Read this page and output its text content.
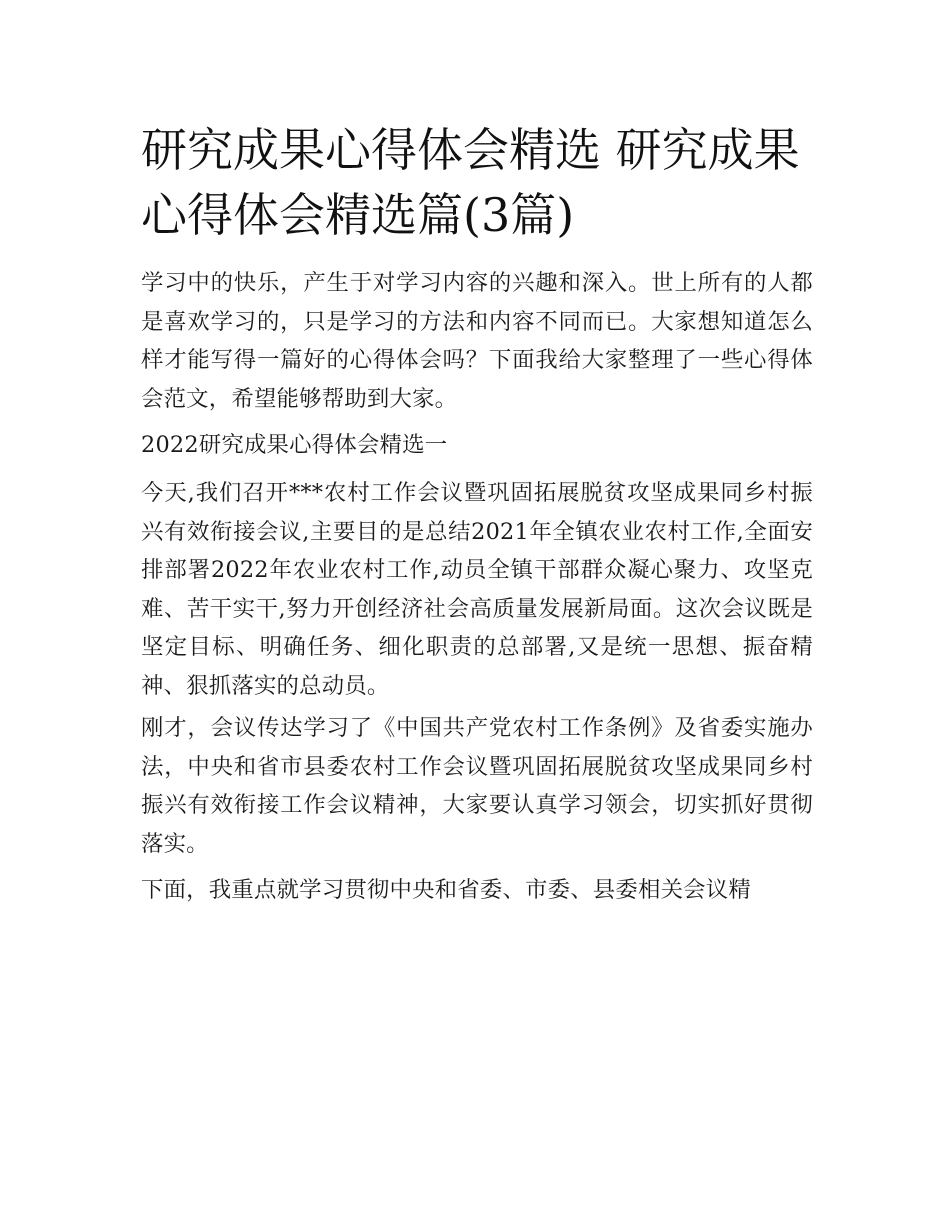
研究成果心得体会精选 研究成果心得体会精选篇(3篇)

学习中的快乐，产生于对学习内容的兴趣和深入。世上所有的人都是喜欢学习的，只是学习的方法和内容不同而已。大家想知道怎么样才能写得一篇好的心得体会吗？下面我给大家整理了一些心得体会范文，希望能够帮助到大家。

2022研究成果心得体会精选一

今天,我们召开***农村工作会议暨巩固拓展脱贫攻坚成果同乡村振兴有效衔接会议,主要目的是总结2021年全镇农业农村工作,全面安排部署2022年农业农村工作,动员全镇干部群众凝心聚力、攻坚克难、苦干实干,努力开创经济社会高质量发展新局面。这次会议既是坚定目标、明确任务、细化职责的总部署,又是统一思想、振奋精神、狠抓落实的总动员。

刚才，会议传达学习了《中国共产党农村工作条例》及省委实施办法，中央和省市县委农村工作会议暨巩固拓展脱贫攻坚成果同乡村振兴有效衔接工作会议精神，大家要认真学习领会，切实抓好贯彻落实。

下面，我重点就学习贯彻中央和省委、市委、县委相关会议精
